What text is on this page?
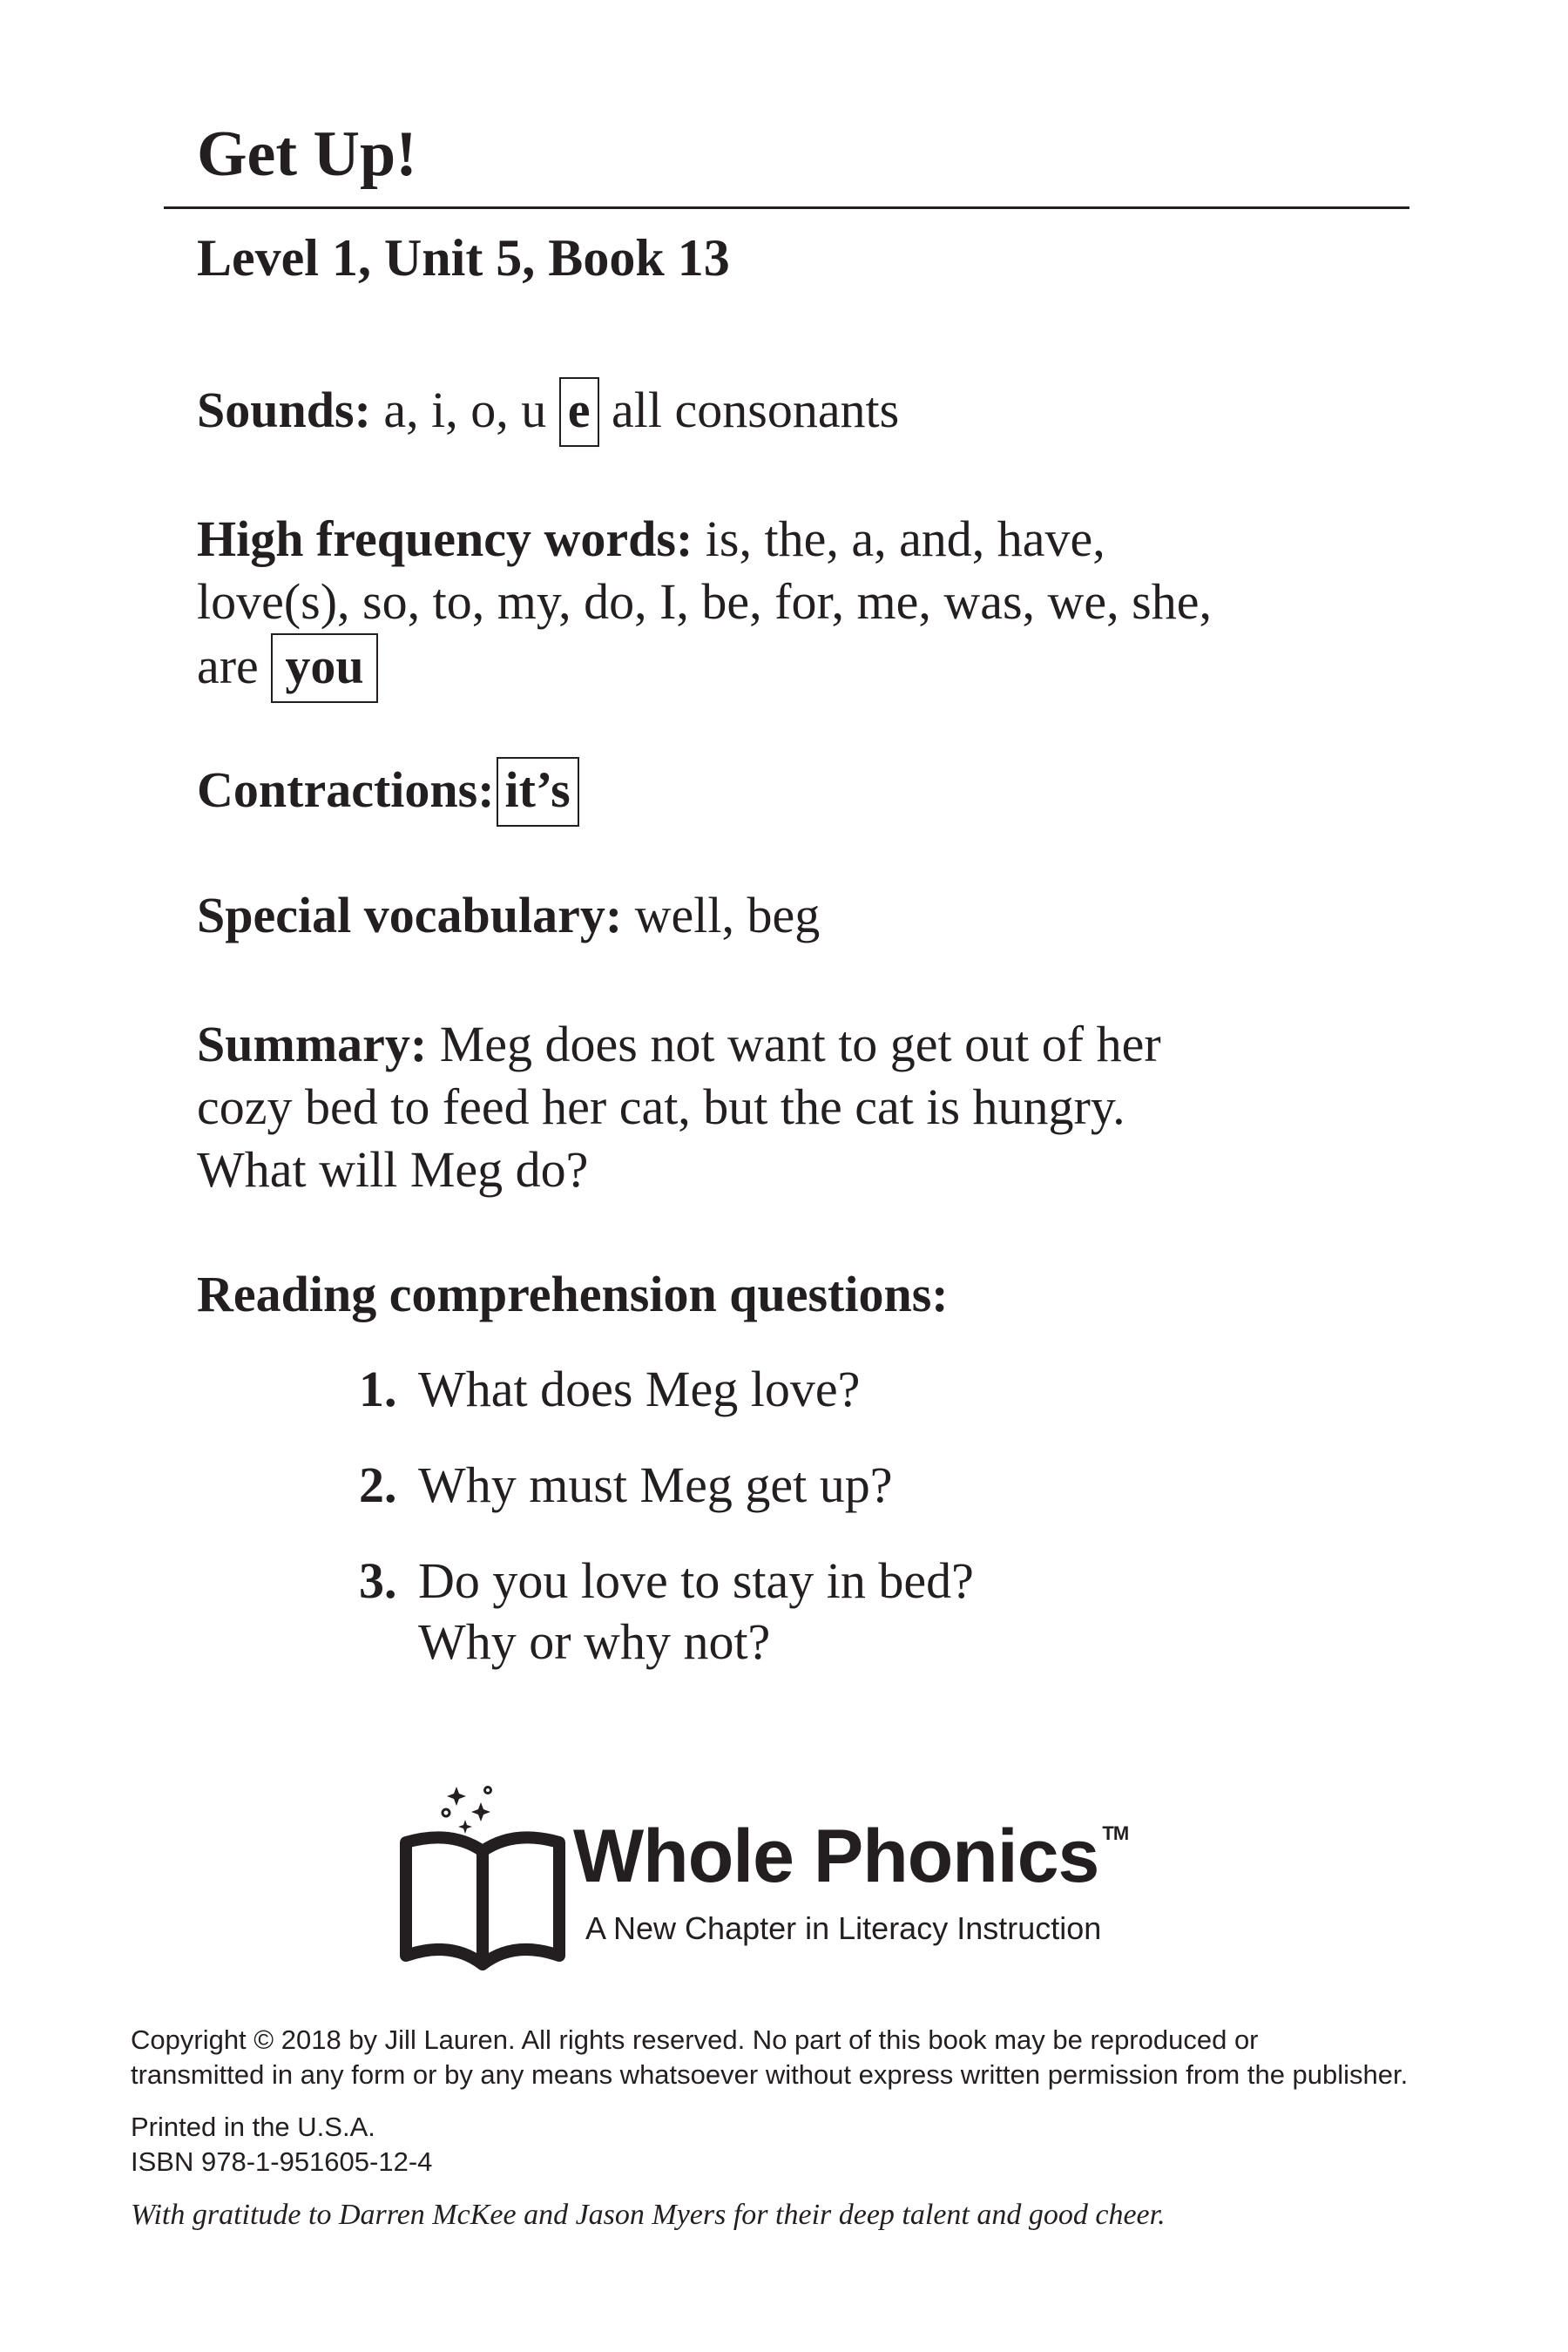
Get Up!
Level 1, Unit 5, Book 13
Sounds: a, i, o, u e all consonants
High frequency words: is, the, a, and, have,
love(s), so, to, my, do, I, be, for, me, was, we, she,
are you
Contractions: it’s
Special vocabulary: well, beg
Summary: Meg does not want to get out of her
cozy bed to feed her cat, but the cat is hungry.
What will Meg do?
Reading comprehension questions:
1. What does Meg love?
2. Why must Meg get up?
3. Do you love to stay in bed?
Why or why not?
Whole Phonics ™
A New Chapter in Literacy Instruction
Copyright © 2018 by Jill Lauren. All rights reserved. No part of this book may be reproduced or
transmitted in any form or by any means whatsoever without express written permission from the publisher.
Printed in the U.S.A.
ISBN 978-1-951605-12-4
With gratitude to Darren McKee and Jason Myers for their deep talent and good cheer.
